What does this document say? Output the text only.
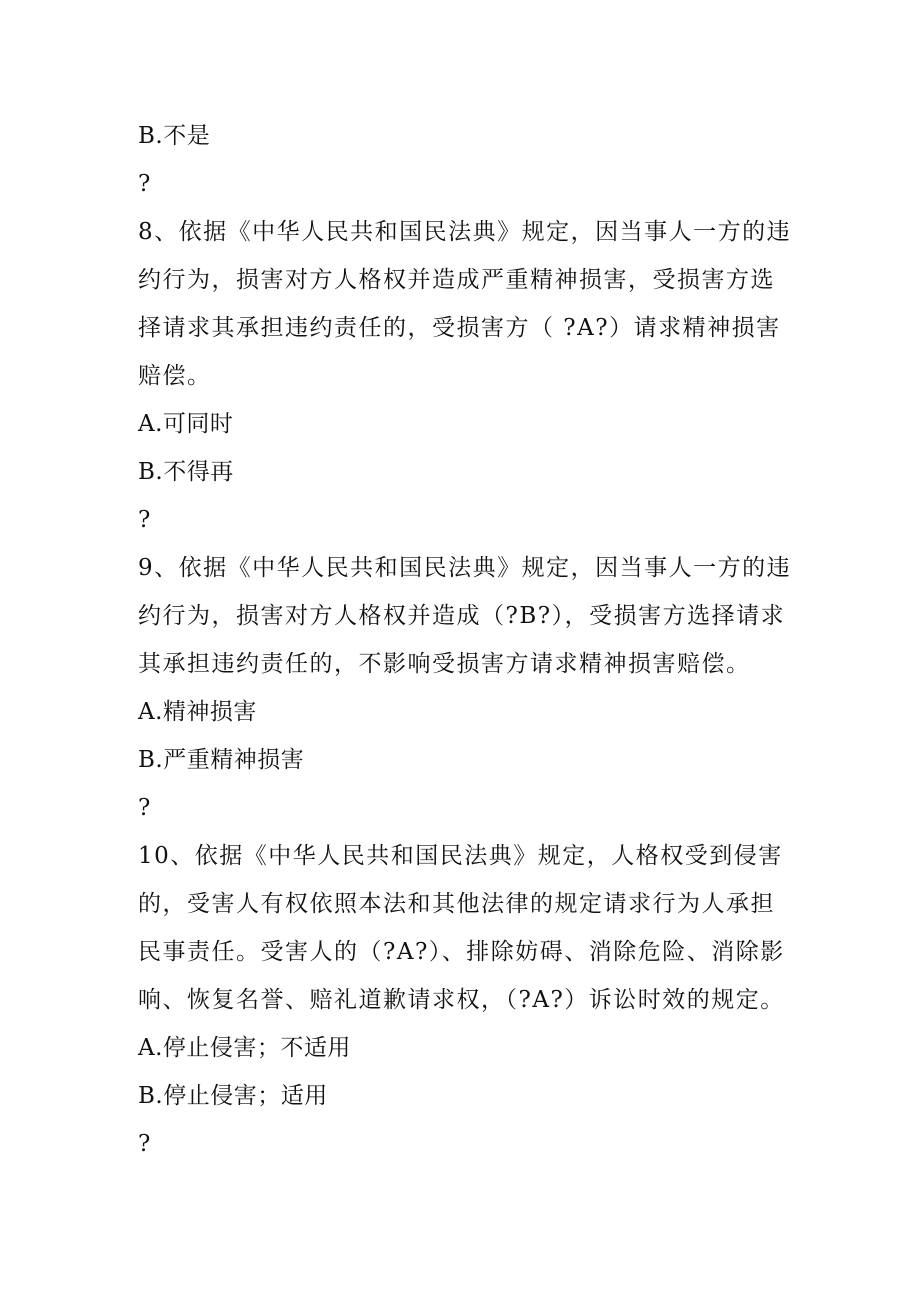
B.不是
?
8、依据《中华人民共和国民法典》规定，因当事人一方的违约行为，损害对方人格权并造成严重精神损害，受损害方选择请求其承担违约责任的，受损害方（ ?A?）请求精神损害赔偿。
A.可同时
B.不得再
?
9、依据《中华人民共和国民法典》规定，因当事人一方的违约行为，损害对方人格权并造成（?B?），受损害方选择请求其承担违约责任的，不影响受损害方请求精神损害赔偿。
A.精神损害
B.严重精神损害
?
10、依据《中华人民共和国民法典》规定，人格权受到侵害的，受害人有权依照本法和其他法律的规定请求行为人承担民事责任。受害人的（?A?）、排除妨碍、消除危险、消除影响、恢复名誉、赔礼道歉请求权，（?A?）诉讼时效的规定。
A.停止侵害；不适用
B.停止侵害；适用
?
